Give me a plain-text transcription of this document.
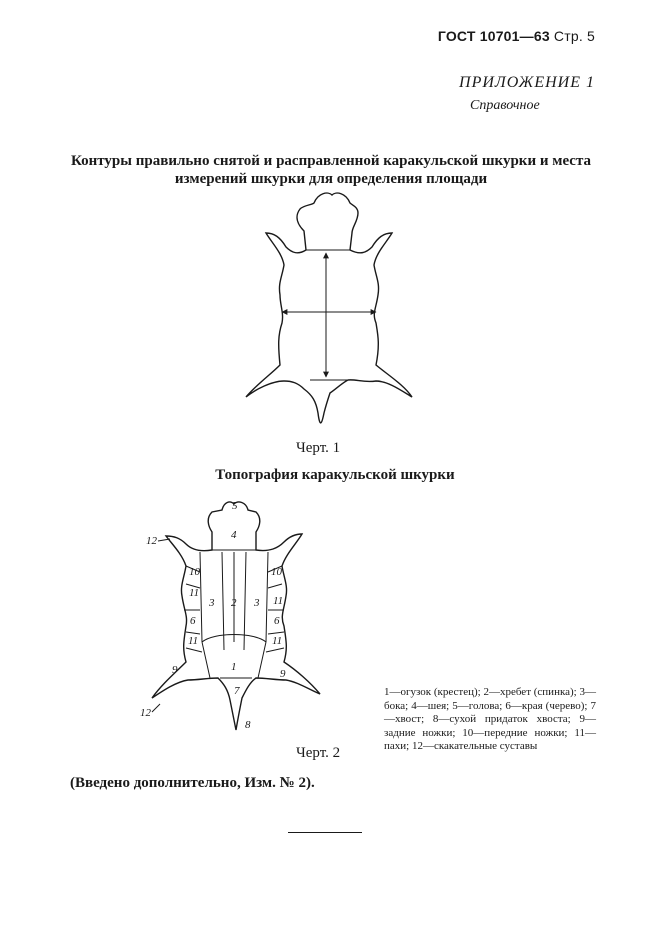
ГОСТ 10701—63 Стр. 5
ПРИЛОЖЕНИЕ 1
Справочное
Контуры правильно снятой и расправленной каракульской шкурки и места
измерений шкурки для определения площади
Черт. 1
Топография каракульской шкурки
5
4
2
3	3
1
7
8
10	10
11
11
6	6
11	11
9	9
12
12
1—огузок (крестец); 2—хребет (спинка); 3—бока; 4—шея; 5—голова; 6—края (черево); 7—хвост; 8—сухой придаток хвоста; 9—задние ножки; 10—передние ножки; 11—пахи; 12—скакательные суставы
Черт. 2
(Введено дополнительно, Изм. № 2).
